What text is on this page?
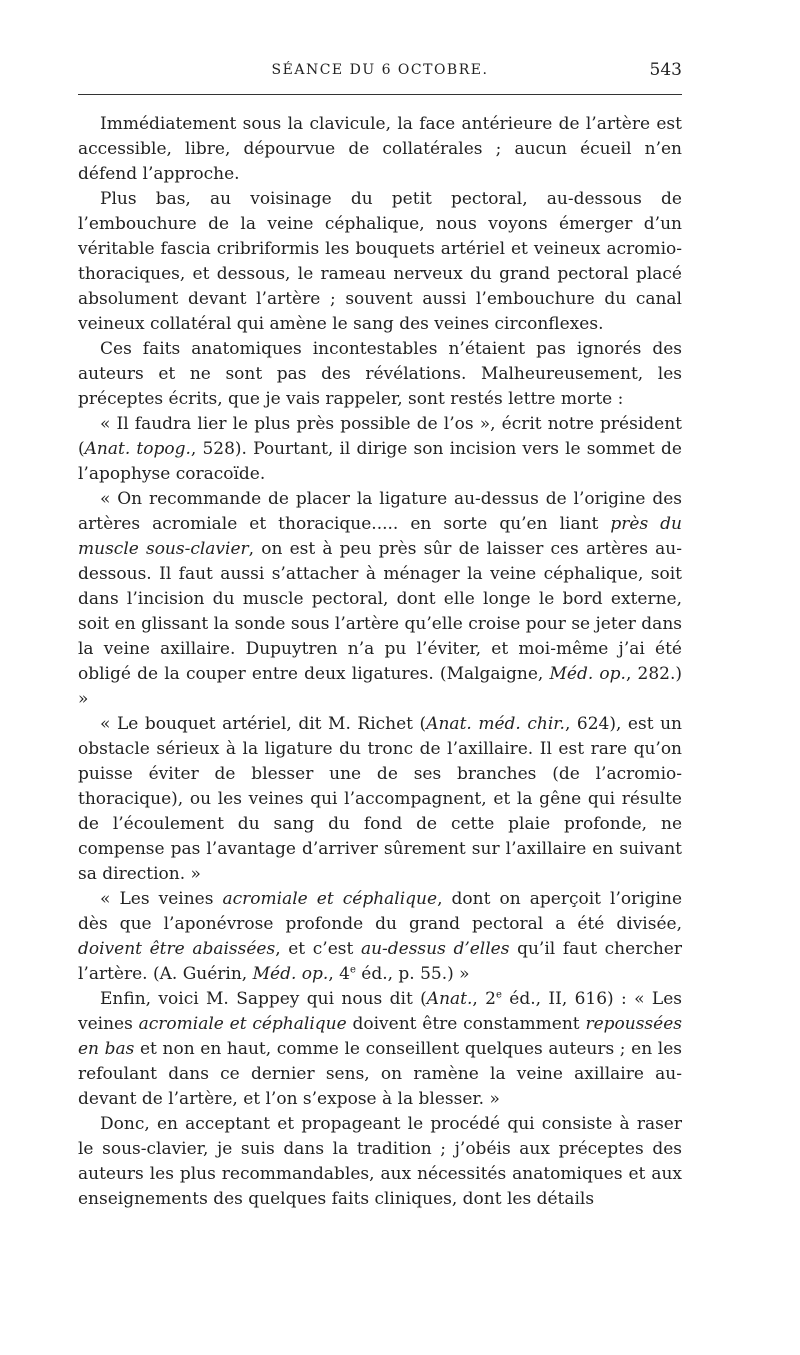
SÉANCE DU 6 OCTOBRE.	543

Immédiatement sous la clavicule, la face antérieure de l’artère est accessible, libre, dépourvue de collatérales ; aucun écueil n’en défend l’approche.

Plus bas, au voisinage du petit pectoral, au-dessous de l’embouchure de la veine céphalique, nous voyons émerger d’un véritable fascia cribriformis les bouquets artériel et veineux acromio-thoraciques, et dessous, le rameau nerveux du grand pectoral placé absolument devant l’artère ; souvent aussi l’embouchure du canal veineux collatéral qui amène le sang des veines circonflexes.

Ces faits anatomiques incontestables n’étaient pas ignorés des auteurs et ne sont pas des révélations. Malheureusement, les préceptes écrits, que je vais rappeler, sont restés lettre morte :

« Il faudra lier le plus près possible de l’os », écrit notre président (Anat. topog., 528). Pourtant, il dirige son incision vers le sommet de l’apophyse coracoïde.

« On recommande de placer la ligature au-dessus de l’origine des artères acromiale et thoracique..... en sorte qu’en liant près du muscle sous-clavier, on est à peu près sûr de laisser ces artères au-dessous. Il faut aussi s’attacher à ménager la veine céphalique, soit dans l’incision du muscle pectoral, dont elle longe le bord externe, soit en glissant la sonde sous l’artère qu’elle croise pour se jeter dans la veine axillaire. Dupuytren n’a pu l’éviter, et moi-même j’ai été obligé de la couper entre deux ligatures. (Malgaigne, Méd. op., 282.) »

« Le bouquet artériel, dit M. Richet (Anat. méd. chir., 624), est un obstacle sérieux à la ligature du tronc de l’axillaire. Il est rare qu’on puisse éviter de blesser une de ses branches (de l’acromio-thoracique), ou les veines qui l’accompagnent, et la gêne qui résulte de l’écoulement du sang du fond de cette plaie profonde, ne compense pas l’avantage d’arriver sûrement sur l’axillaire en suivant sa direction. »

« Les veines acromiale et céphalique, dont on aperçoit l’origine dès que l’aponévrose profonde du grand pectoral a été divisée, doivent être abaissées, et c’est au-dessus d’elles qu’il faut chercher l’artère. (A. Guérin, Méd. op., 4e éd., p. 55.) »

Enfin, voici M. Sappey qui nous dit (Anat., 2e éd., II, 616) : « Les veines acromiale et céphalique doivent être constamment repoussées en bas et non en haut, comme le conseillent quelques auteurs ; en les refoulant dans ce dernier sens, on ramène la veine axillaire au-devant de l’artère, et l’on s’expose à la blesser. »

Donc, en acceptant et propageant le procédé qui consiste à raser le sous-clavier, je suis dans la tradition ; j’obéis aux préceptes des auteurs les plus recommandables, aux nécessités anatomiques et aux enseignements des quelques faits cliniques, dont les détails
